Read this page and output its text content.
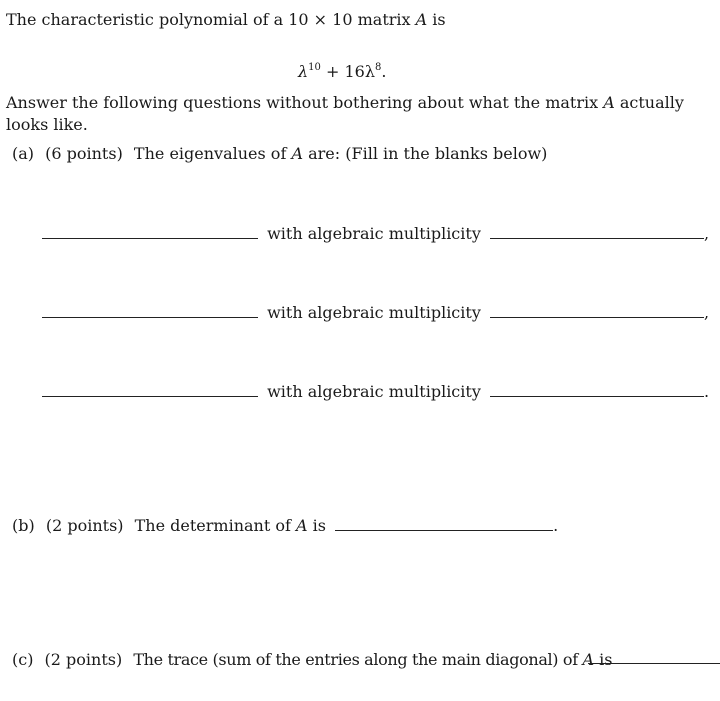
The characteristic polynomial of a 10 × 10 matrix A is
$\lambda^{10} + 16\lambda^8$.
Answer the following questions without bothering about what the matrix A actually
looks like.
(a) (6 points) The eigenvalues of A are: (Fill in the blanks below)
with algebraic multiplicity	,
with algebraic multiplicity	,
with algebraic multiplicity	.
(b) (2 points) The determinant of A is	.
(c) (2 points) The trace (sum of the entries along the main diagonal) of A is
